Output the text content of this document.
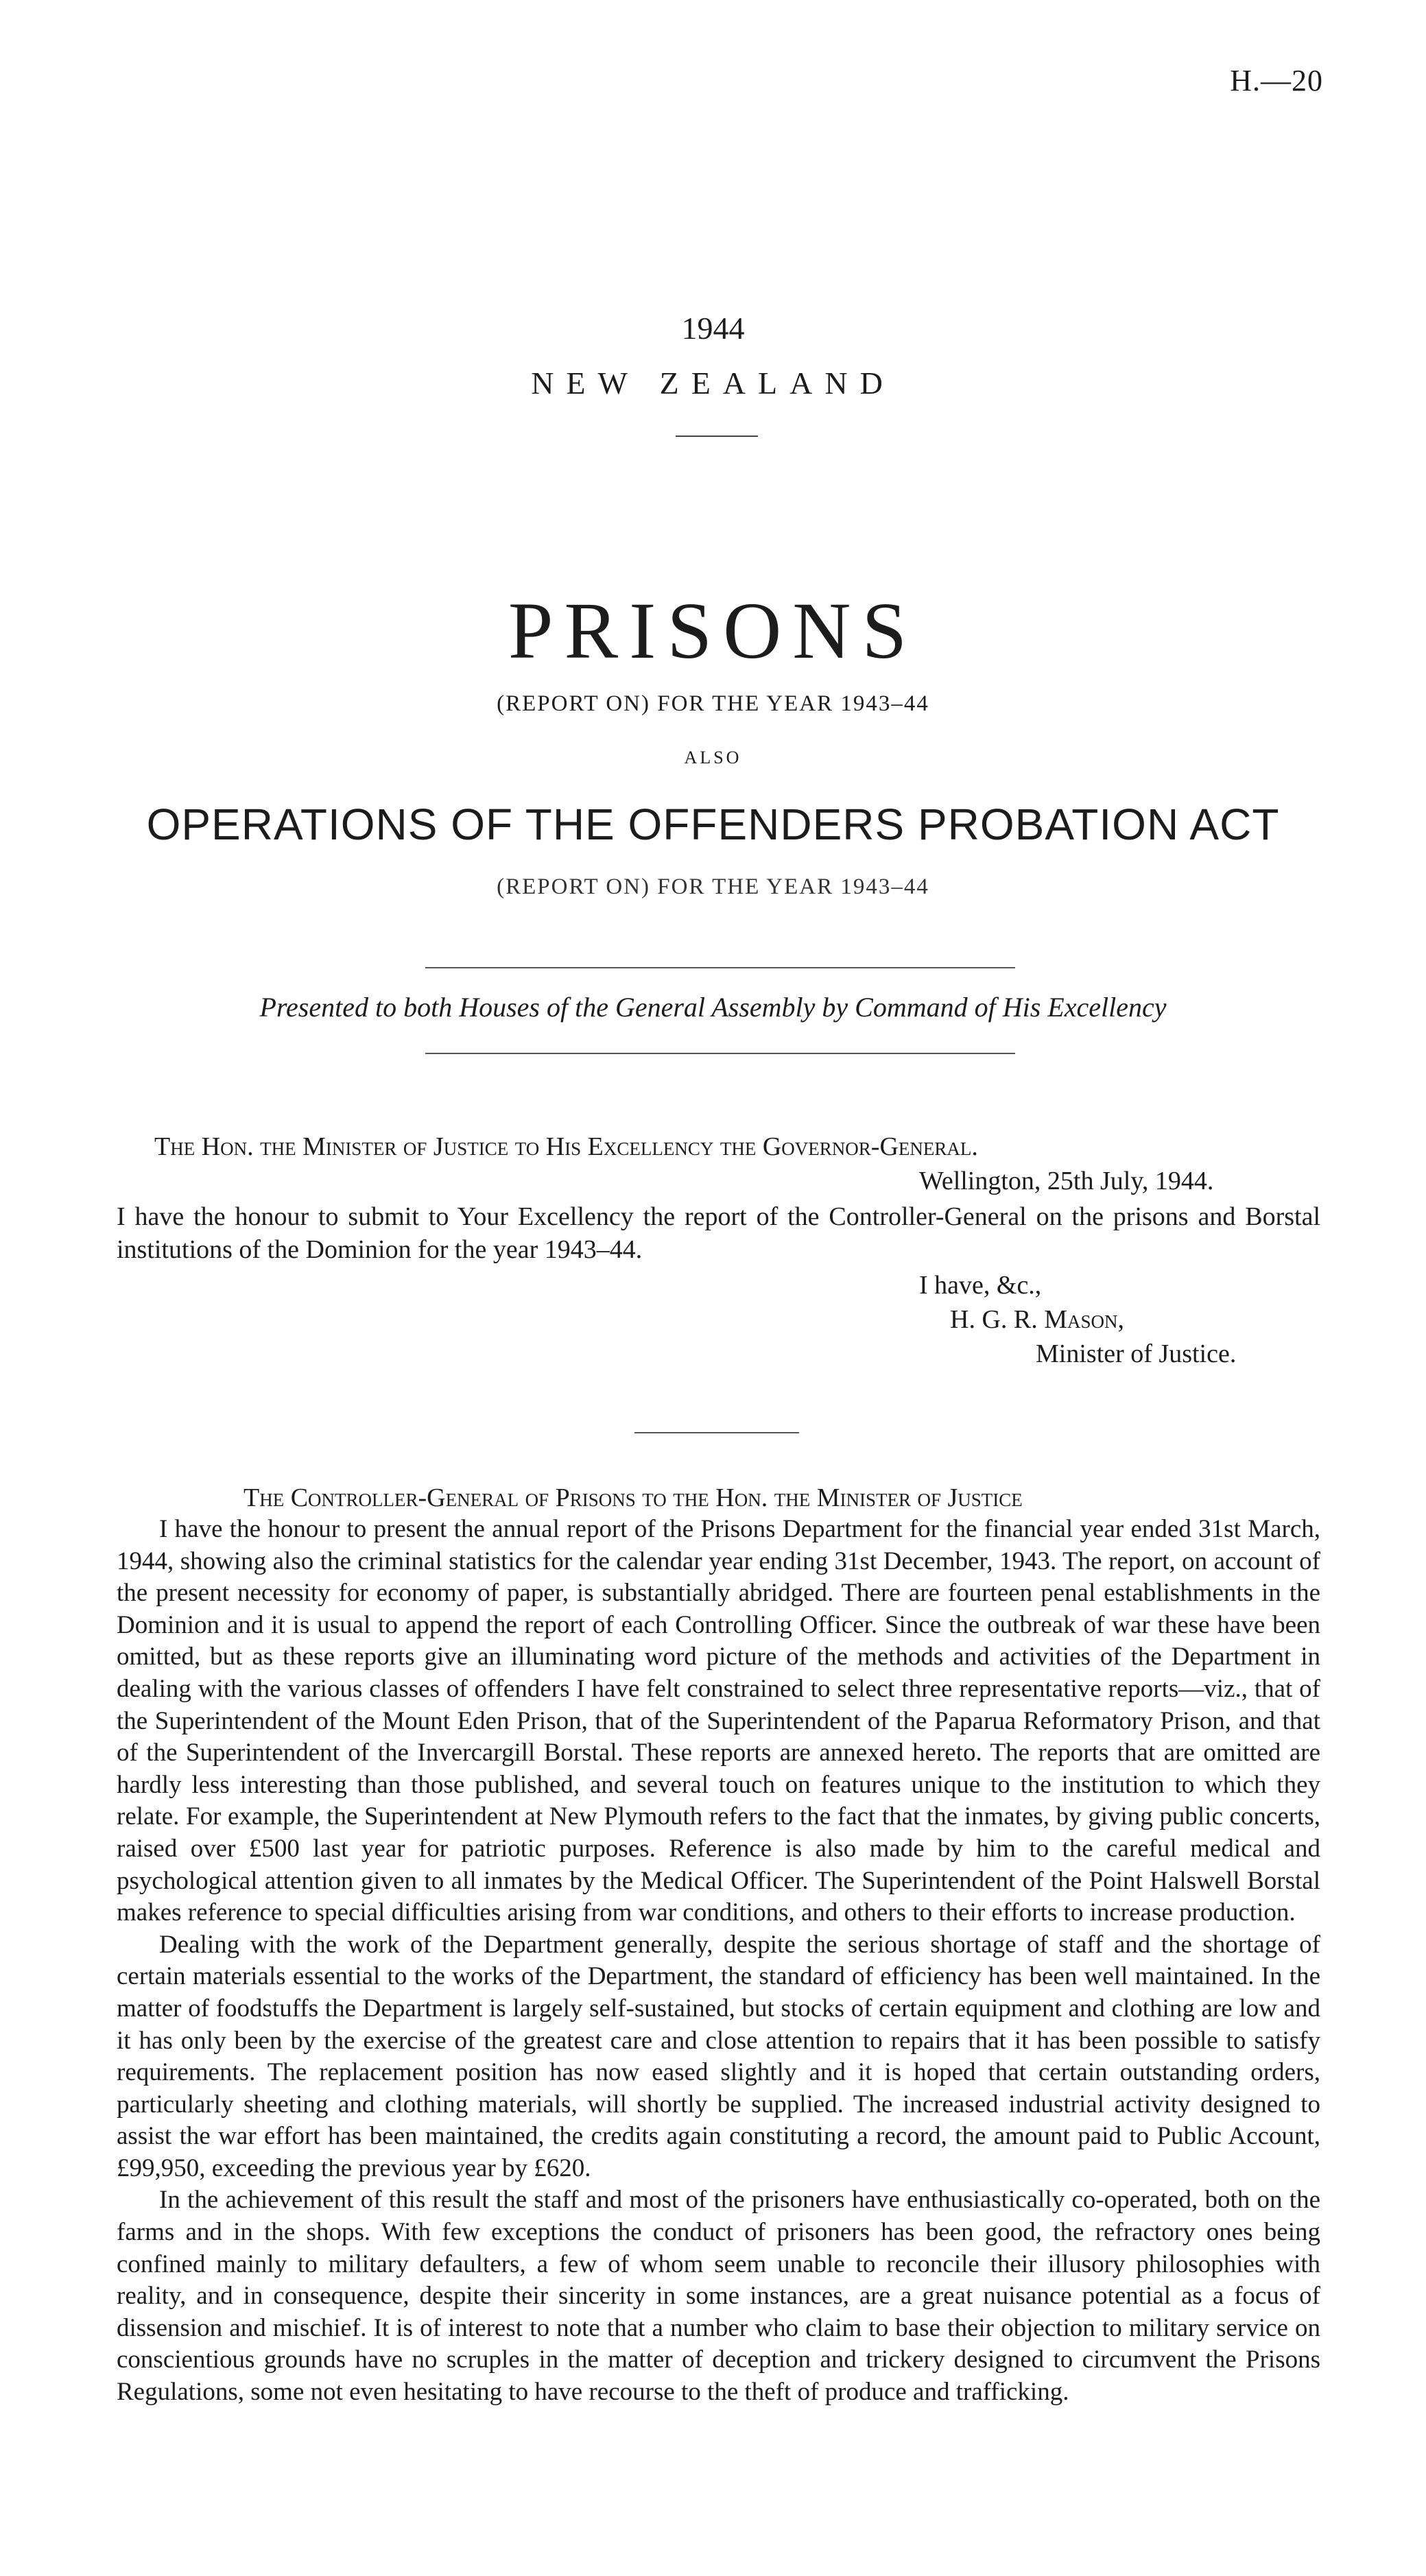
H.—20
1944
NEW ZEALAND
PRISONS
(REPORT ON) FOR THE YEAR 1943–44
ALSO
OPERATIONS OF THE OFFENDERS PROBATION ACT
(REPORT ON) FOR THE YEAR 1943–44
Presented to both Houses of the General Assembly by Command of His Excellency
The Hon. the Minister of Justice to His Excellency the Governor-General.
Wellington, 25th July, 1944.

I have the honour to submit to Your Excellency the report of the Controller-General on the prisons and Borstal institutions of the Dominion for the year 1943–44.

I have, &c.,
H. G. R. Mason,
Minister of Justice.
The Controller-General of Prisons to the Hon. the Minister of Justice

I have the honour to present the annual report of the Prisons Department for the financial year ended 31st March, 1944, showing also the criminal statistics for the calendar year ending 31st December, 1943. The report, on account of the present necessity for economy of paper, is substantially abridged. There are fourteen penal establishments in the Dominion and it is usual to append the report of each Controlling Officer. Since the outbreak of war these have been omitted, but as these reports give an illuminating word picture of the methods and activities of the Department in dealing with the various classes of offenders I have felt constrained to select three representative reports—viz., that of the Superintendent of the Mount Eden Prison, that of the Superintendent of the Paparua Reformatory Prison, and that of the Superintendent of the Invercargill Borstal. These reports are annexed hereto. The reports that are omitted are hardly less interesting than those published, and several touch on features unique to the institution to which they relate. For example, the Superintendent at New Plymouth refers to the fact that the inmates, by giving public concerts, raised over £500 last year for patriotic purposes. Reference is also made by him to the careful medical and psychological attention given to all inmates by the Medical Officer. The Superintendent of the Point Halswell Borstal makes reference to special difficulties arising from war conditions, and others to their efforts to increase production.

Dealing with the work of the Department generally, despite the serious shortage of staff and the shortage of certain materials essential to the works of the Department, the standard of efficiency has been well maintained. In the matter of foodstuffs the Department is largely self-sustained, but stocks of certain equipment and clothing are low and it has only been by the exercise of the greatest care and close attention to repairs that it has been possible to satisfy requirements. The replacement position has now eased slightly and it is hoped that certain outstanding orders, particularly sheeting and clothing materials, will shortly be supplied. The increased industrial activity designed to assist the war effort has been maintained, the credits again constituting a record, the amount paid to Public Account, £99,950, exceeding the previous year by £620.

In the achievement of this result the staff and most of the prisoners have enthusiastically co-operated, both on the farms and in the shops. With few exceptions the conduct of prisoners has been good, the refractory ones being confined mainly to military defaulters, a few of whom seem unable to reconcile their illusory philosophies with reality, and in consequence, despite their sincerity in some instances, are a great nuisance potential as a focus of dissension and mischief. It is of interest to note that a number who claim to base their objection to military service on conscientious grounds have no scruples in the matter of deception and trickery designed to circumvent the Prisons Regulations, some not even hesitating to have recourse to the theft of produce and trafficking.
